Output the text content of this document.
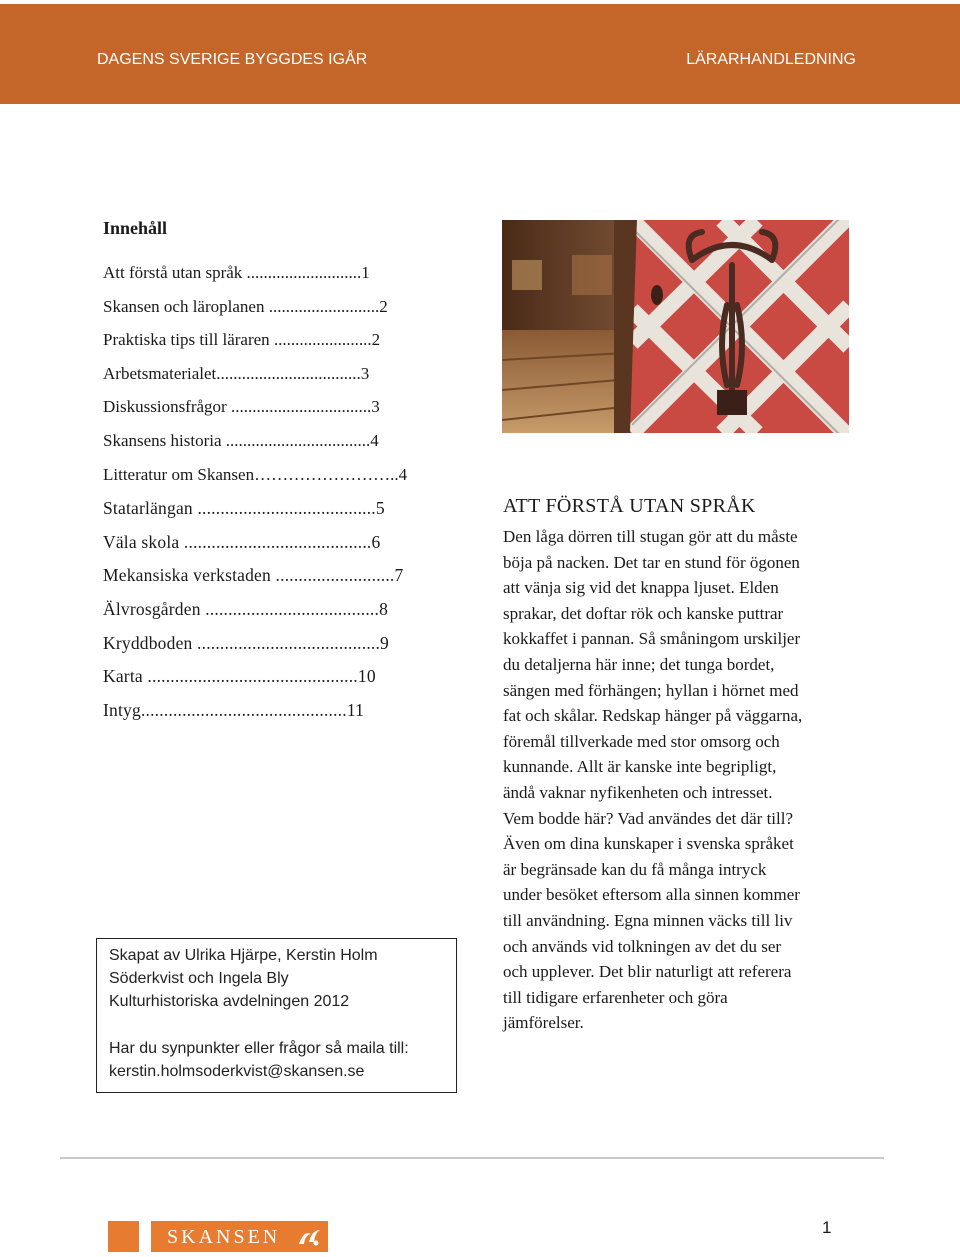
DAGENS SVERIGE BYGGDES IGÅR	LÄRARHANDLEDNING
Innehåll
Att förstå utan språk ...........................1
Skansen och läroplanen ..........................2
Praktiska tips till läraren .......................2
Arbetsmaterialet..................................3
Diskussionsfrågor .................................3
Skansens historia ..................................4
Litteratur om Skansen……………………..4
Statarlängan .......................................5
Väla skola .........................................6
Mekansiska verkstaden ..........................7
Älvrosgården ......................................8
Kryddboden ........................................9
Karta ..............................................10
Intyg.............................................11

Skapat av Ulrika Hjärpe, Kerstin Holm

Söderkvist och Ingela Bly

Kulturhistoriska avdelningen 2012

Har du synpunkter eller frågor så maila till:

kerstin.holmsoderkvist@skansen.se

ATT FÖRSTÅ UTAN SPRÅK
Den låga dörren till stugan gör att du måste
böja på nacken. Det tar en stund för ögonen
att vänja sig vid det knappa ljuset. Elden
sprakar, det doftar rök och kanske puttrar
kokkaffet i pannan. Så småningom urskiljer
du detaljerna här inne; det tunga bordet,
sängen med förhängen; hyllan i hörnet med
fat och skålar. Redskap hänger på väggarna,
föremål tillverkade med stor omsorg och
kunnande. Allt är kanske inte begripligt,
ändå vaknar nyfikenheten och intresset.
Vem bodde här? Vad användes det där till?
Även om dina kunskaper i svenska språket
är begränsade kan du få många intryck
under besöket eftersom alla sinnen kommer
till användning. Egna minnen väcks till liv
och används vid tolkningen av det du ser
och upplever. Det blir naturligt att referera
till tidigare erfarenheter och göra
jämförelser.
SKANSEN	1
